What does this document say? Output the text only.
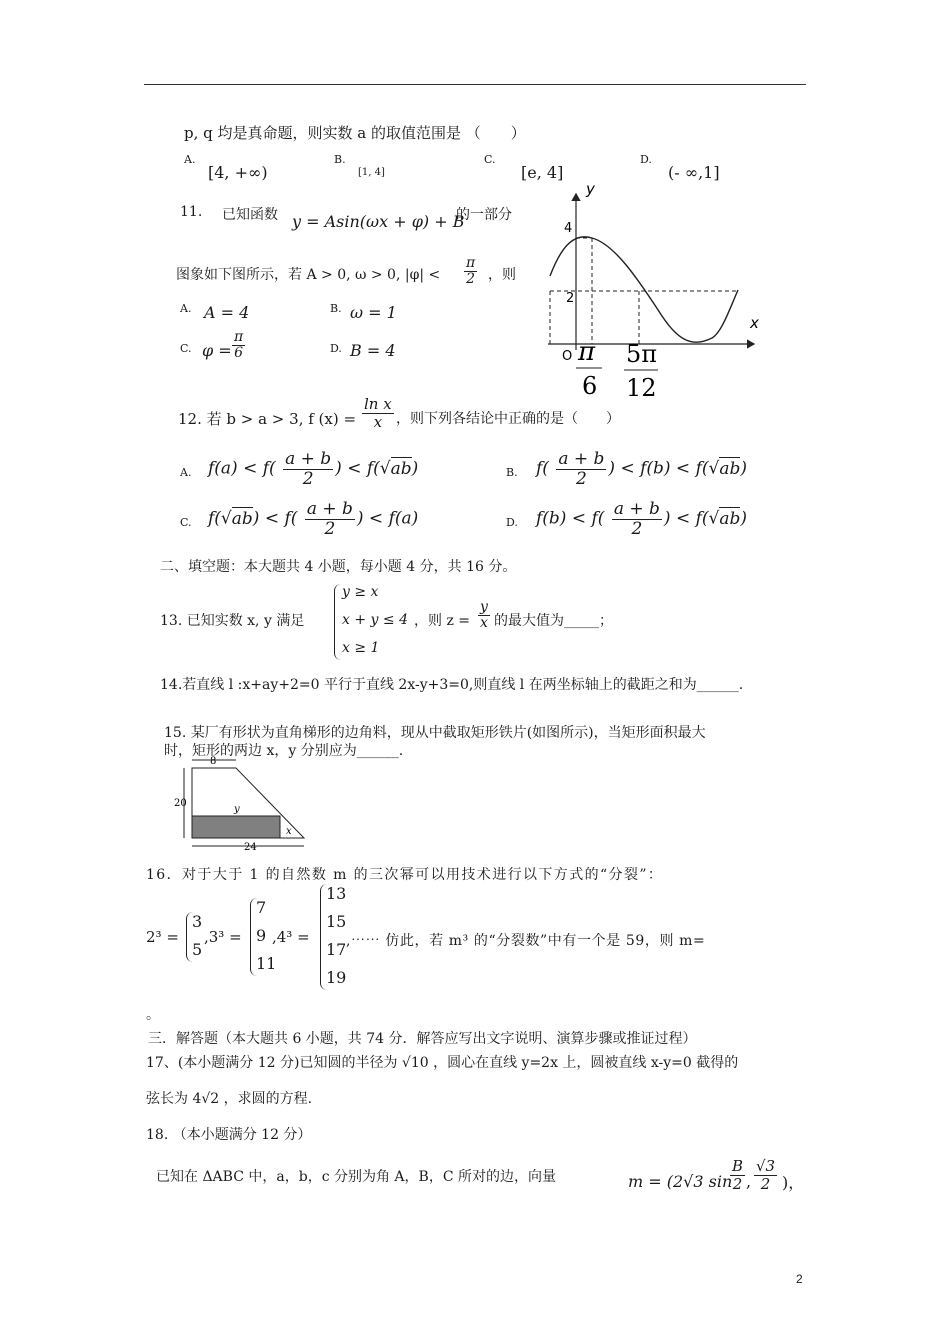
p, q 均是真命题，则实数 a 的取值范围是 （　　）
A.
[4, +∞)
B.
[1, 4]
C.
[e, 4]
D.
(- ∞,1]
11. 已知函数 y = Asin(ωx + φ) + B
的一部分
图象如下图所示，若 A > 0, ω > 0, $|\varphi| < \frac{\pi}{2}$ ，则
A. A = 4	B. ω = 1
C. $\varphi = \frac{\pi}{6}$	D. B = 4
y
x
O
4
2
π
6
5π
12
12. 若 b > a > 3, f $(x) = \frac{\text{ln x}}{x}$ ，则下列各结论中正确的是（　　）
A. $f(a) < f( \frac{a + b}{2}$ ) < f(√ab)	B. $f( \frac{a + b}{2}$ ) < f(b) < f(√ab)
C. $f(√ab) < f( \frac{a + b}{2}$ ) < f(a)	D. $f(b) < f( \frac{a + b}{2}$ ) < f(√ab)
二、填空题：本大题共 4 小题，每小题 4 分，共 16 分。
13. 已知实数 x, y 满足
y ≥ x
x + y ≤ 4
x ≥ 1
，则 $z = \frac{y}{x}$ 的最大值为_____；
14.若直线 l :x+ay+2=0 平行于直线 2x-y+3=0,则直线 l 在两坐标轴上的截距之和为______.
15. 某厂有形状为直角梯形的边角料，现从中截取矩形铁片(如图所示)，当矩形面积最大
时，矩形的两边 x，y 分别应为______.
8
20
24
y
x
16．对于大于 1 的自然数 m 的三次幂可以用技术进行以下方式的“分裂”：
2³ =
3
5
,3³ =
7
9
11
,4³ =
13
15
17
19
,⋯⋯ 仿此，若 m³ 的“分裂数”中有一个是 59，则 m=
。
三．解答题（本大题共 6 小题，共 74 分．解答应写出文字说明、演算步骤或推证过程）
17、(本小题满分 12 分)已知圆的半径为 √10 ，圆心在直线 y=2x 上，圆被直线 x-y=0 截得的
弦长为 4√2 ，求圆的方程.
18. （本小题满分 12 分）
已知在 ΔABC 中，a，b，c 分别为角 A，B，C 所对的边，向量	m = (2√3 sin
$\frac{B}{2}$ , $\frac{√3}{2}$ )，
2
